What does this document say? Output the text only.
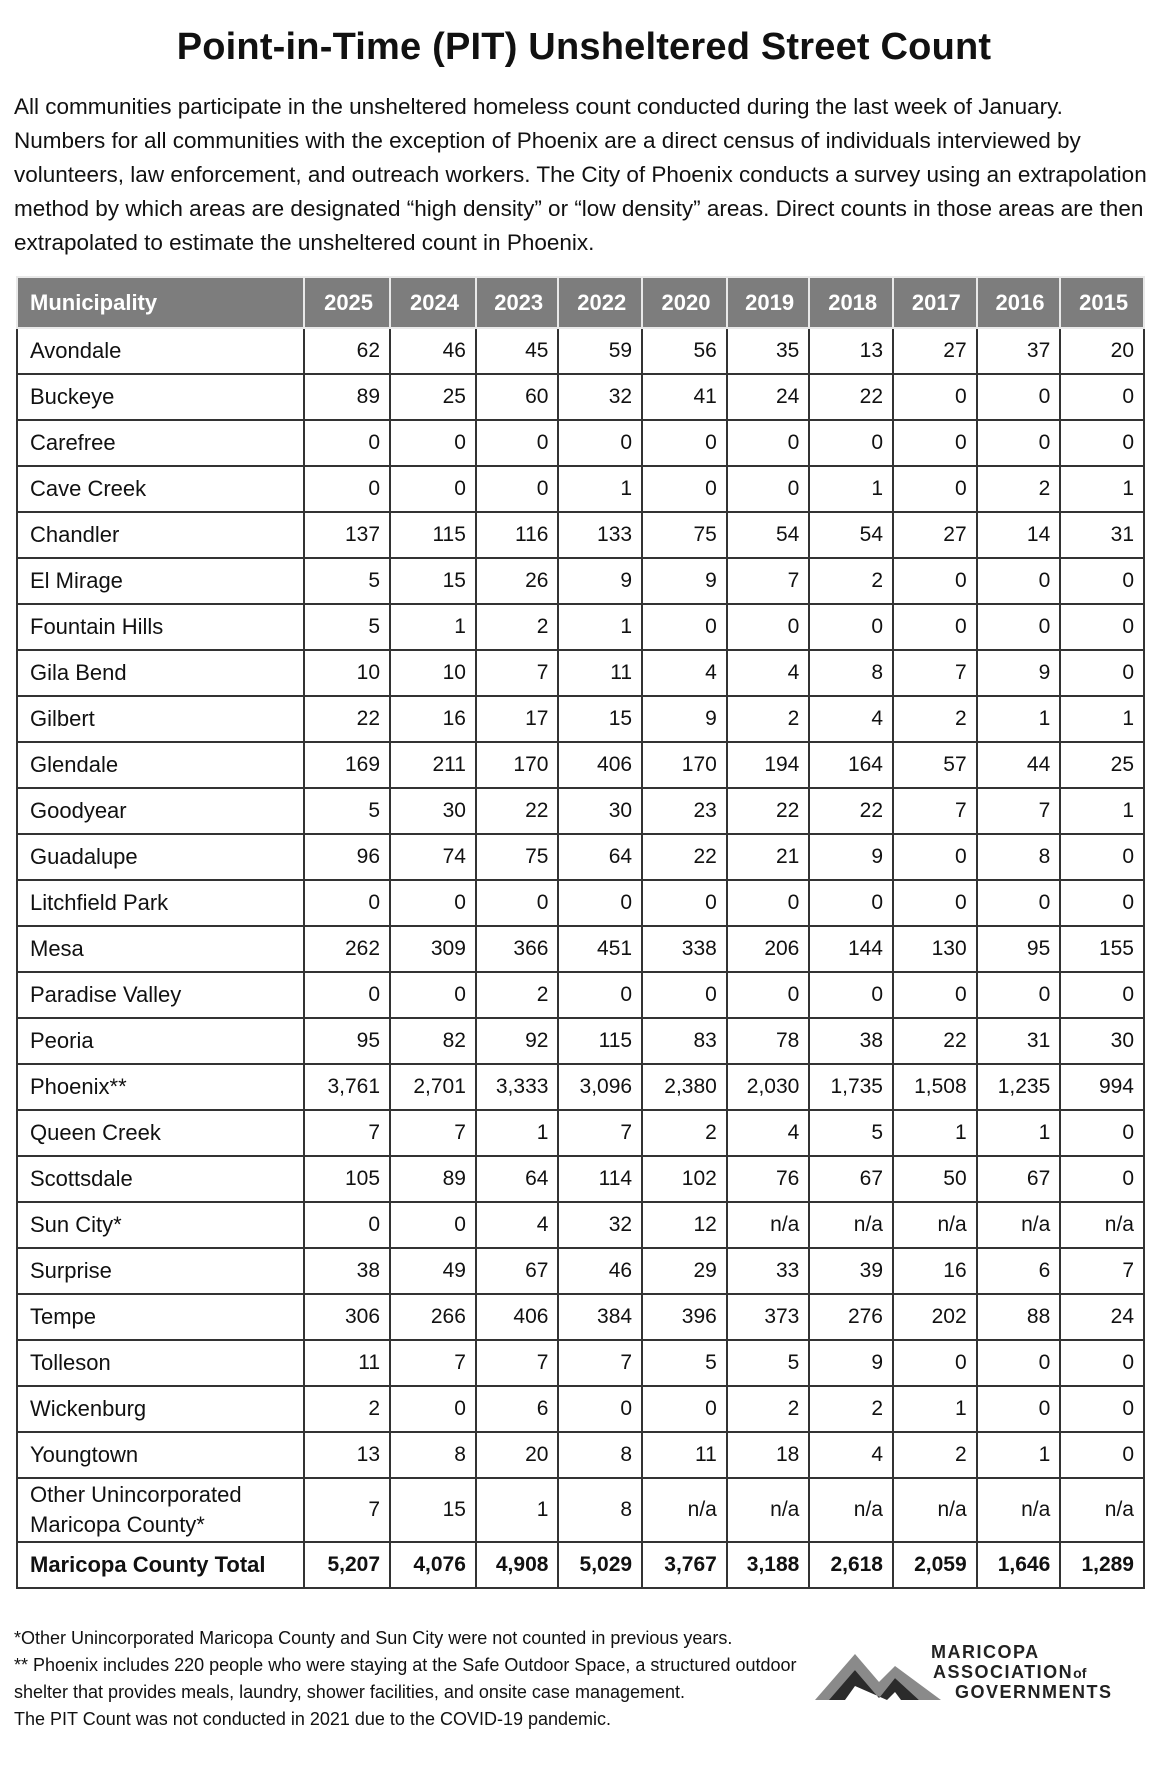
Point-in-Time (PIT) Unsheltered Street Count

All communities participate in the unsheltered homeless count conducted during the last week of January. Numbers for all communities with the exception of Phoenix are a direct census of individuals interviewed by volunteers, law enforcement, and outreach workers. The City of Phoenix conducts a survey using an extrapolation method by which areas are designated “high density” or “low density” areas. Direct counts in those areas are then extrapolated to estimate the unsheltered count in Phoenix.

Municipality	2025	2024	2023	2022	2020	2019	2018	2017	2016	2015
Avondale	62	46	45	59	56	35	13	27	37	20
Buckeye	89	25	60	32	41	24	22	0	0	0
Carefree	0	0	0	0	0	0	0	0	0	0
Cave Creek	0	0	0	1	0	0	1	0	2	1
Chandler	137	115	116	133	75	54	54	27	14	31
El Mirage	5	15	26	9	9	7	2	0	0	0
Fountain Hills	5	1	2	1	0	0	0	0	0	0
Gila Bend	10	10	7	11	4	4	8	7	9	0
Gilbert	22	16	17	15	9	2	4	2	1	1
Glendale	169	211	170	406	170	194	164	57	44	25
Goodyear	5	30	22	30	23	22	22	7	7	1
Guadalupe	96	74	75	64	22	21	9	0	8	0
Litchfield Park	0	0	0	0	0	0	0	0	0	0
Mesa	262	309	366	451	338	206	144	130	95	155
Paradise Valley	0	0	2	0	0	0	0	0	0	0
Peoria	95	82	92	115	83	78	38	22	31	30
Phoenix**	3,761	2,701	3,333	3,096	2,380	2,030	1,735	1,508	1,235	994
Queen Creek	7	7	1	7	2	4	5	1	1	0
Scottsdale	105	89	64	114	102	76	67	50	67	0
Sun City*	0	0	4	32	12	n/a	n/a	n/a	n/a	n/a
Surprise	38	49	67	46	29	33	39	16	6	7
Tempe	306	266	406	384	396	373	276	202	88	24
Tolleson	11	7	7	7	5	5	9	0	0	0
Wickenburg	2	0	6	0	0	2	2	1	0	0
Youngtown	13	8	20	8	11	18	4	2	1	0
Other Unincorporated Maricopa County*	7	15	1	8	n/a	n/a	n/a	n/a	n/a	n/a
Maricopa County Total	5,207	4,076	4,908	5,029	3,767	3,188	2,618	2,059	1,646	1,289

*Other Unincorporated Maricopa County and Sun City were not counted in previous years.

** Phoenix includes 220 people who were staying at the Safe Outdoor Space, a structured outdoor shelter that provides meals, laundry, shower facilities, and onsite case management.

The PIT Count was not conducted in 2021 due to the COVID-19 pandemic.

MARICOPA
ASSOCIATIONof
GOVERNMENTS
